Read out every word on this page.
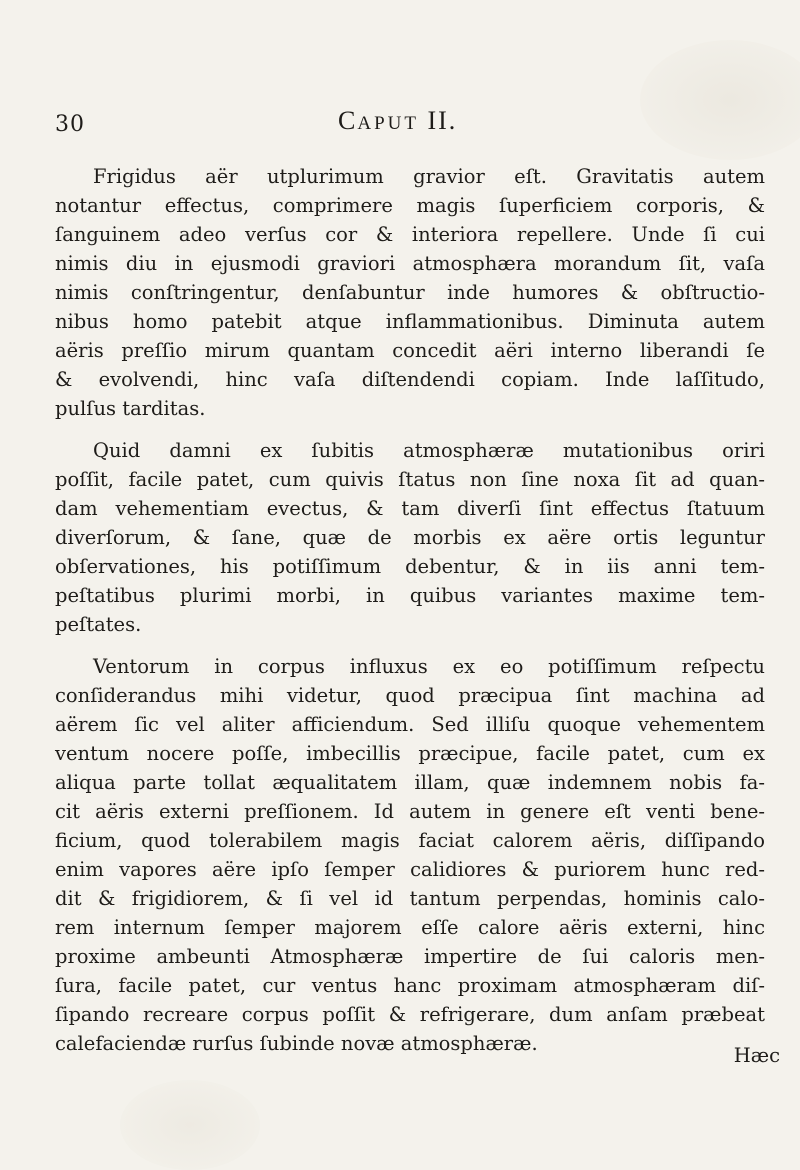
30	CAPUT II.
Frigidus aër utplurimum gravior eſt. Gravitatis autem
notantur effectus, comprimere magis ſuperficiem corporis, &
ſanguinem adeo verſus cor & interiora repellere. Unde ſi cui
nimis diu in ejusmodi graviori atmosphæra morandum ſit, vaſa
nimis conſtringentur, denſabuntur inde humores & obſtructio-
nibus homo patebit atque inflammationibus. Diminuta autem
aëris preſſio mirum quantam concedit aëri interno liberandi ſe
& evolvendi, hinc vaſa diſtendendi copiam. Inde laſſitudo,
pulſus tarditas.
Quid damni ex ſubitis atmosphæræ mutationibus oriri
poſſit, facile patet, cum quivis ſtatus non ſine noxa ſit ad quan-
dam vehementiam evectus, & tam diverſi ſint effectus ſtatuum
diverſorum, & ſane, quæ de morbis ex aëre ortis leguntur
obſervationes, his potiſſimum debentur, & in iis anni tem-
peſtatibus plurimi morbi, in quibus variantes maxime tem-
peſtates.
Ventorum in corpus influxus ex eo potiſſimum reſpectu
conſiderandus mihi videtur, quod præcipua ſint machina ad
aërem ſic vel aliter afficiendum. Sed illiſu quoque vehementem
ventum nocere poſſe, imbecillis præcipue, facile patet, cum ex
aliqua parte tollat æqualitatem illam, quæ indemnem nobis fa-
cit aëris externi preſſionem. Id autem in genere eſt venti bene-
ficium, quod tolerabilem magis faciat calorem aëris, diſſipando
enim vapores aëre ipſo ſemper calidiores & puriorem hunc red-
dit & frigidiorem, & ſi vel id tantum perpendas, hominis calo-
rem internum ſemper majorem eſſe calore aëris externi, hinc
proxime ambeunti Atmosphæræ impertire de ſui caloris men-
ſura, facile patet, cur ventus hanc proximam atmosphæram diſ-
ſipando recreare corpus poſſit & refrigerare, dum anſam præbeat
calefaciendæ rurſus ſubinde novæ atmosphæræ.
Hæc
